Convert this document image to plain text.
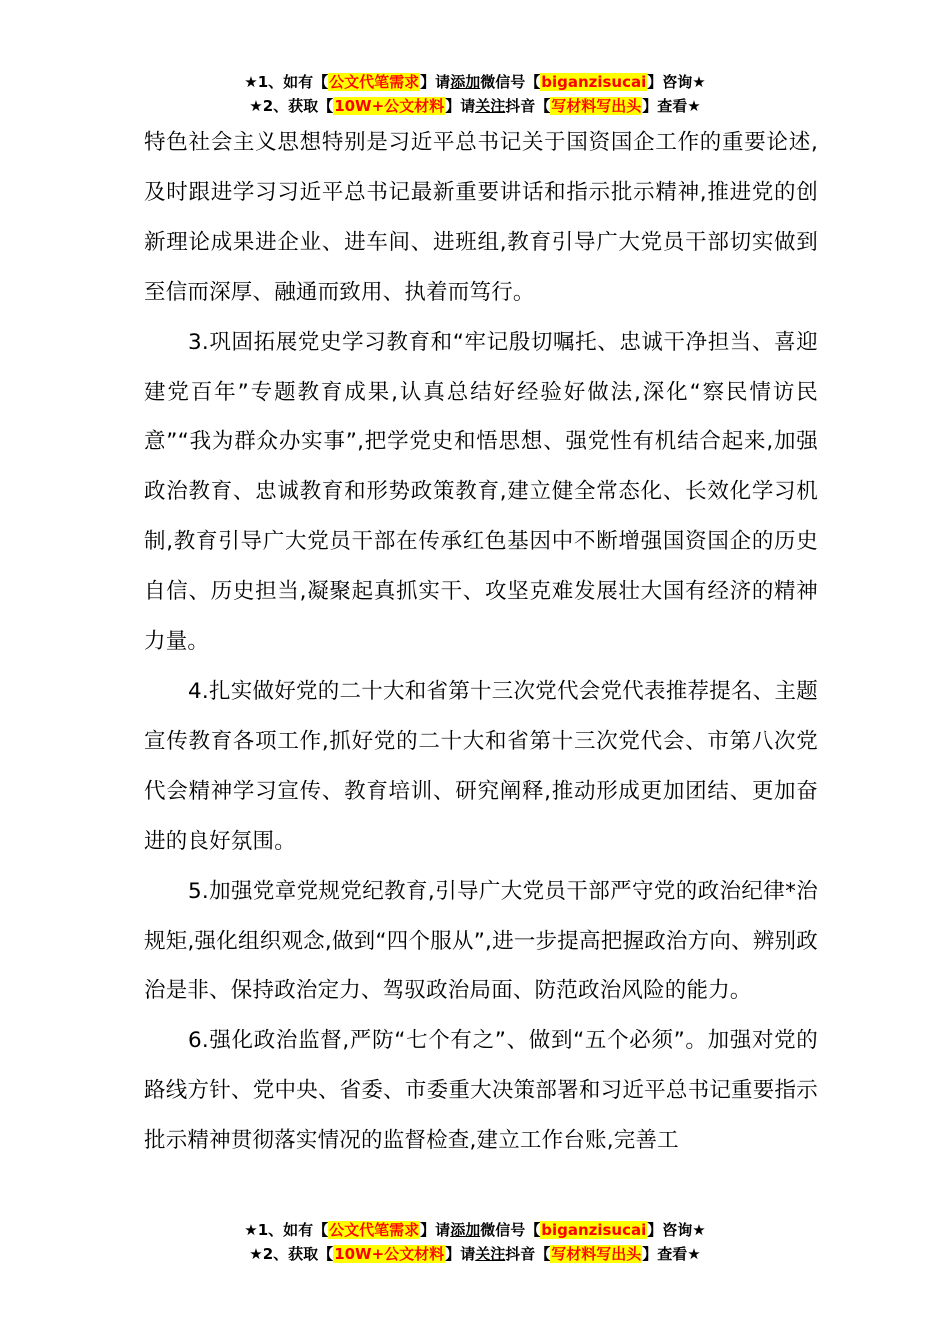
★1、如有【公文代笔需求】请添加微信号【biganzisucai】咨询★
★2、获取【10W+公文材料】请关注抖音【写材料写出头】查看★

特色社会主义思想特别是习近平总书记关于国资国企工作的重要论述,及时跟进学习习近平总书记最新重要讲话和指示批示精神,推进党的创新理论成果进企业、进车间、进班组,教育引导广大党员干部切实做到至信而深厚、融通而致用、执着而笃行。

3.巩固拓展党史学习教育和“牢记殷切嘱托、忠诚干净担当、喜迎建党百年”专题教育成果,认真总结好经验好做法,深化“察民情访民意”“我为群众办实事”,把学党史和悟思想、强党性有机结合起来,加强政治教育、忠诚教育和形势政策教育,建立健全常态化、长效化学习机制,教育引导广大党员干部在传承红色基因中不断增强国资国企的历史自信、历史担当,凝聚起真抓实干、攻坚克难发展壮大国有经济的精神力量。

4.扎实做好党的二十大和省第十三次党代会党代表推荐提名、主题宣传教育各项工作,抓好党的二十大和省第十三次党代会、市第八次党代会精神学习宣传、教育培训、研究阐释,推动形成更加团结、更加奋进的良好氛围。

5.加强党章党规党纪教育,引导广大党员干部严守党的政治纪律*治规矩,强化组织观念,做到“四个服从”,进一步提高把握政治方向、辨别政治是非、保持政治定力、驾驭政治局面、防范政治风险的能力。

6.强化政治监督,严防“七个有之”、做到“五个必须”。加强对党的路线方针、党中央、省委、市委重大决策部署和习近平总书记重要指示批示精神贯彻落实情况的监督检查,建立工作台账,完善工

★1、如有【公文代笔需求】请添加微信号【biganzisucai】咨询★
★2、获取【10W+公文材料】请关注抖音【写材料写出头】查看★
